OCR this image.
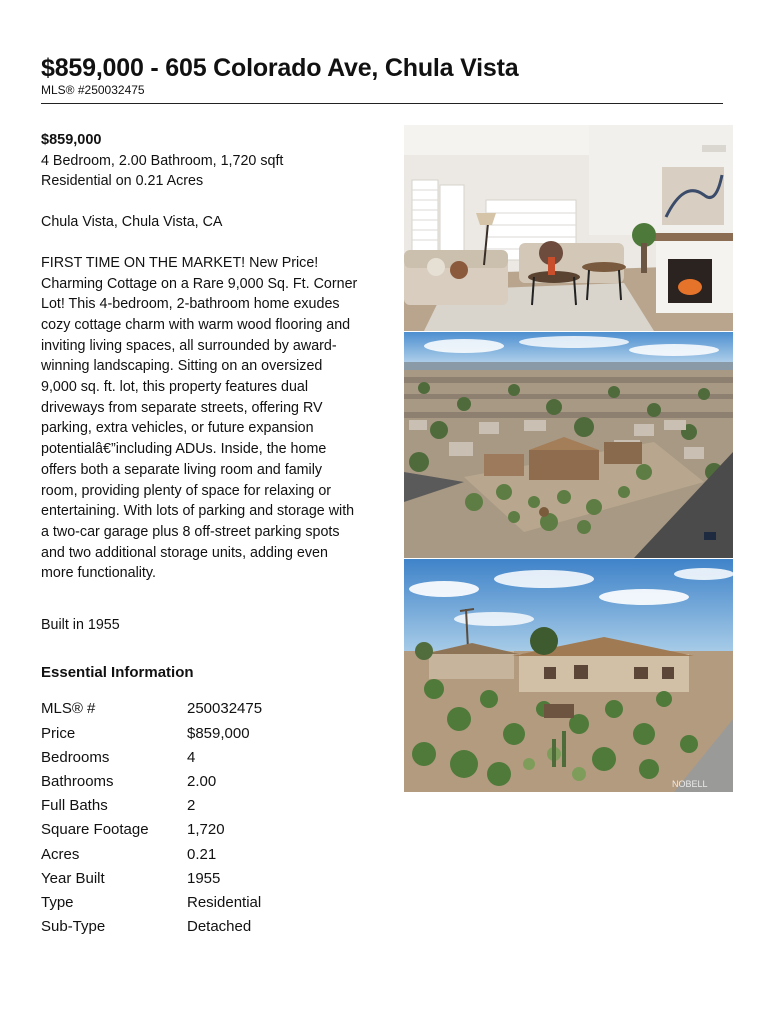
$859,000 - 605 Colorado Ave, Chula Vista
MLS® #250032475

$859,000

4 Bedroom, 2.00 Bathroom, 1,720 sqft

Residential on 0.21 Acres

Chula Vista, Chula Vista, CA

FIRST TIME ON THE MARKET! New Price! Charming Cottage on a Rare 9,000 Sq. Ft. Corner Lot! This 4-bedroom, 2-bathroom home exudes cozy cottage charm with warm wood flooring and inviting living spaces, all surrounded by award-winning landscaping. Sitting on an oversized 9,000 sq. ft. lot, this property features dual driveways from separate streets, offering RV parking, extra vehicles, or future expansion potentialâ€”including ADUs. Inside, the home offers both a separate living room and family room, providing plenty of space for relaxing or entertaining. With lots of parking and storage with a two-car garage plus 8 off-street parking spots and two additional storage units, adding even more functionality.

Built in 1955

Essential Information
MLS® #	250032475
Price	$859,000
Bedrooms	4
Bathrooms	2.00
Full Baths	2
Square Footage	1,720
Acres	0.21
Year Built	1955
Type	Residential
Sub-Type	Detached
NOBELL
